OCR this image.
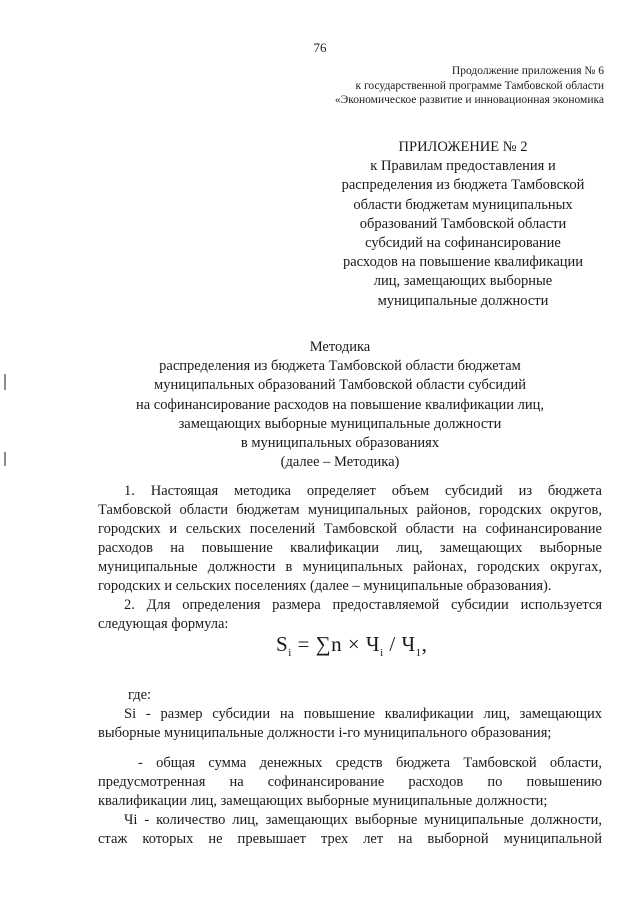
76
Продолжение приложения № 6
к государственной программе Тамбовской области
«Экономическое развитие и инновационная экономика
ПРИЛОЖЕНИЕ № 2
к Правилам предоставления и
распределения из бюджета Тамбовской
области бюджетам муниципальных
образований Тамбовской области
субсидий на софинансирование
расходов на повышение квалификации
лиц, замещающих выборные
муниципальные должности
Методика
распределения из бюджета Тамбовской области бюджетам
муниципальных образований Тамбовской области субсидий
на софинансирование расходов на повышение квалификации лиц,
замещающих выборные муниципальные должности
в муниципальных образованиях
(далее – Методика)
1. Настоящая методика определяет объем субсидий из бюджета
Тамбовской области бюджетам муниципальных районов, городских округов,
городских и сельских поселений Тамбовской области на софинансирование
расходов на повышение квалификации лиц, замещающих выборные
муниципальные должности в муниципальных районах, городских округах,
городских и сельских поселениях (далее – муниципальные образования).
2. Для определения размера предоставляемой субсидии используется
следующая формула:
$S_i = \sum n \times Ч_i / Ч_1$,
где:
Si - размер субсидии на повышение квалификации лиц, замещающих
выборные муниципальные должности i-го муниципального образования;
- общая сумма денежных средств бюджета Тамбовской области,
предусмотренная на софинансирование расходов по повышению
квалификации лиц, замещающих выборные муниципальные должности;
Чi - количество лиц, замещающих выборные муниципальные должности,
стаж которых не превышает трех лет на выборной муниципальной
